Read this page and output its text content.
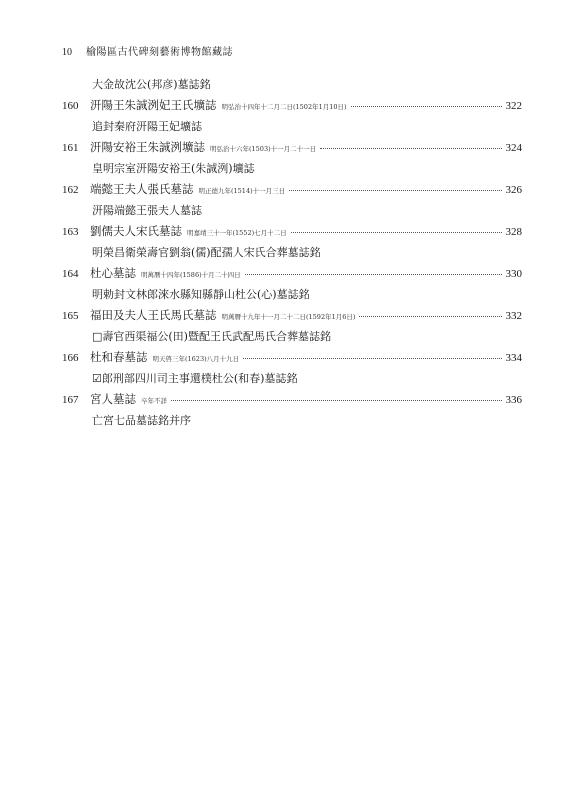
10 榆陽區古代碑刻藝術博物館藏誌
大金故沈公(邦彦)墓誌銘
160	汧陽王朱誠洌妃王氏壙誌 明弘治十四年十二月二日(1502年1月10日)	322
追封秦府汧陽王妃壙誌
161	汧陽安裕王朱誠洌壙誌 明弘治十六年(1503)十一月二十一日	324
皇明宗室汧陽安裕王(朱誠洌)壙誌
162	端懿王夫人張氏墓誌 明正德九年(1514)十一月三日	326
汧陽端懿王張夫人墓誌
163	劉儒夫人宋氏墓誌 明嘉靖三十一年(1552)七月十二日	328
明榮昌衛榮壽官劉翁(儒)配孺人宋氏合葬墓誌銘
164	杜心墓誌 明萬曆十四年(1586)十月二十四日	330
明勅封文林郎淶水縣知縣靜山杜公(心)墓誌銘
165	福田及夫人王氏馬氏墓誌 明萬曆十九年十一月二十二日(1592年1月6日)	332
□壽官西渠福公(田)暨配王氏武配馬氏合葬墓誌銘
166	杜和春墓誌 明天啓三年(1623)八月十九日	334
☑郎刑部四川司主事還樸杜公(和春)墓誌銘
167	宮人墓誌 卒年不詳	336
亡宮七品墓誌銘并序
